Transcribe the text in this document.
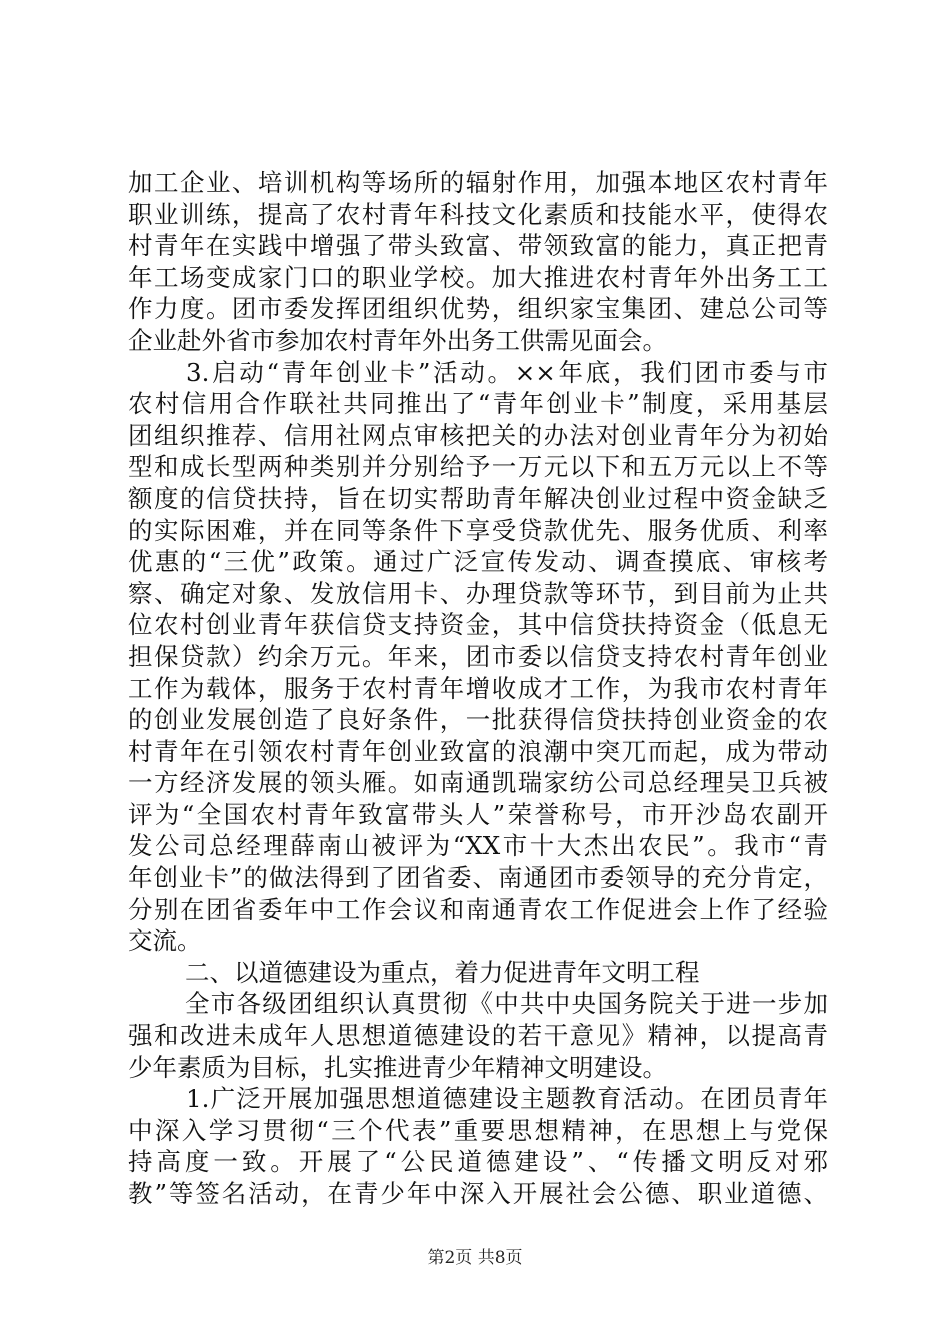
加工企业、培训机构等场所的辐射作用，加强本地区农村青年
职业训练，提高了农村青年科技文化素质和技能水平，使得农
村青年在实践中增强了带头致富、带领致富的能力，真正把青
年工场变成家门口的职业学校。加大推进农村青年外出务工工
作力度。团市委发挥团组织优势，组织家宝集团、建总公司等
企业赴外省市参加农村青年外出务工供需见面会。
3.启动“青年创业卡”活动。××年底，我们团市委与市
农村信用合作联社共同推出了“青年创业卡”制度，采用基层
团组织推荐、信用社网点审核把关的办法对创业青年分为初始
型和成长型两种类别并分别给予一万元以下和五万元以上不等
额度的信贷扶持，旨在切实帮助青年解决创业过程中资金缺乏
的实际困难，并在同等条件下享受贷款优先、服务优质、利率
优惠的“三优”政策。通过广泛宣传发动、调查摸底、审核考
察、确定对象、发放信用卡、办理贷款等环节，到目前为止共
位农村创业青年获信贷支持资金，其中信贷扶持资金（低息无
担保贷款）约余万元。年来，团市委以信贷支持农村青年创业
工作为载体，服务于农村青年增收成才工作，为我市农村青年
的创业发展创造了良好条件，一批获得信贷扶持创业资金的农
村青年在引领农村青年创业致富的浪潮中突兀而起，成为带动
一方经济发展的领头雁。如南通凯瑞家纺公司总经理吴卫兵被
评为“全国农村青年致富带头人”荣誉称号，市开沙岛农副开
发公司总经理薛南山被评为“XX市十大杰出农民”。我市“青
年创业卡”的做法得到了团省委、南通团市委领导的充分肯定，
分别在团省委年中工作会议和南通青农工作促进会上作了经验
交流。
二、以道德建设为重点，着力促进青年文明工程
全市各级团组织认真贯彻《中共中央国务院关于进一步加
强和改进未成年人思想道德建设的若干意见》精神，以提高青
少年素质为目标，扎实推进青少年精神文明建设。
1.广泛开展加强思想道德建设主题教育活动。在团员青年
中深入学习贯彻“三个代表”重要思想精神，在思想上与党保
持高度一致。开展了“公民道德建设”、“传播文明反对邪
教”等签名活动，在青少年中深入开展社会公德、职业道德、
第2页 共8页
